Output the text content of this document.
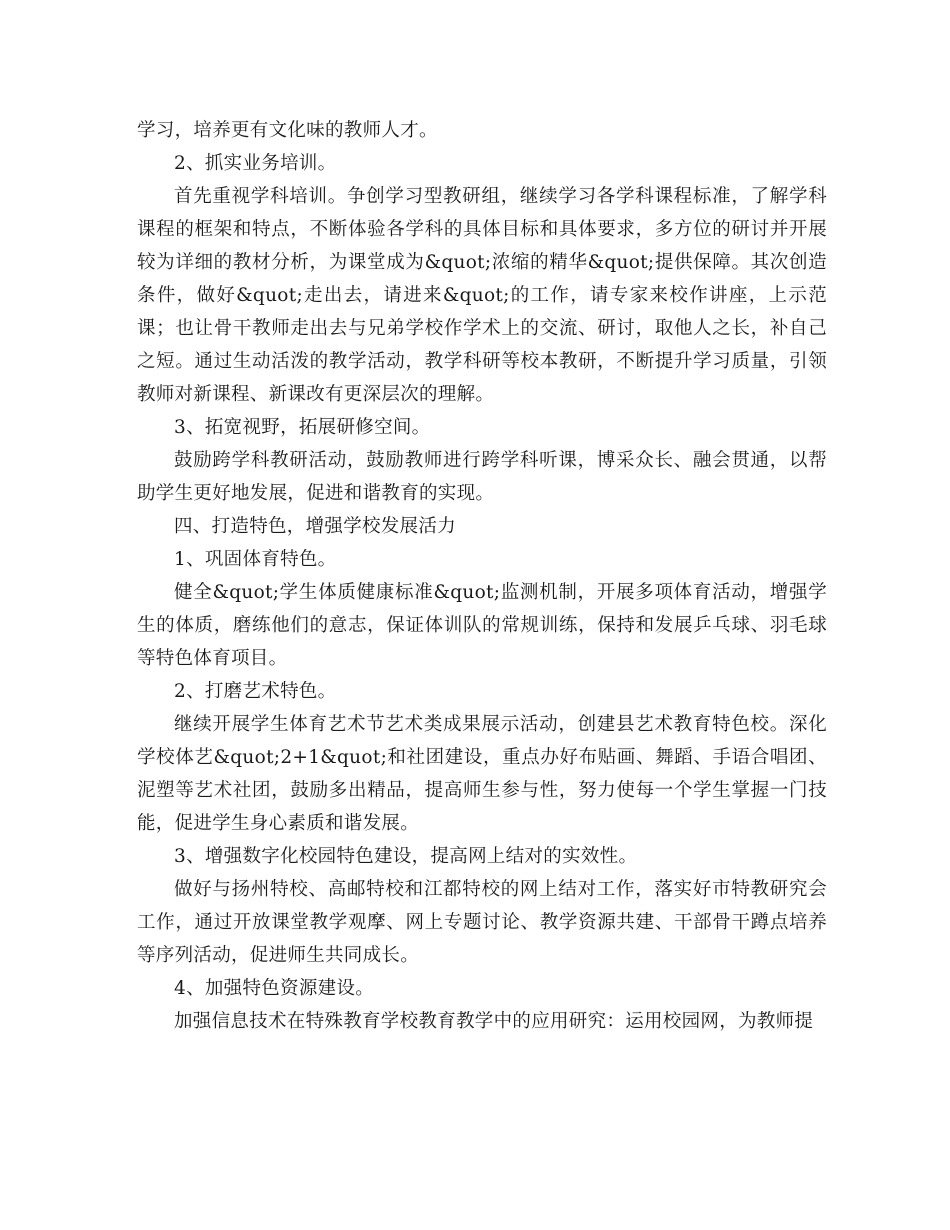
学习，培养更有文化味的教师人才。

2、抓实业务培训。

首先重视学科培训。争创学习型教研组，继续学习各学科课程标准，了解学科课程的框架和特点，不断体验各学科的具体目标和具体要求，多方位的研讨并开展较为详细的教材分析，为课堂成为&quot;浓缩的精华&quot;提供保障。其次创造条件，做好&quot;走出去，请进来&quot;的工作，请专家来校作讲座，上示范课；也让骨干教师走出去与兄弟学校作学术上的交流、研讨，取他人之长，补自己之短。通过生动活泼的教学活动，教学科研等校本教研，不断提升学习质量，引领教师对新课程、新课改有更深层次的理解。

3、拓宽视野，拓展研修空间。

鼓励跨学科教研活动，鼓励教师进行跨学科听课，博采众长、融会贯通，以帮助学生更好地发展，促进和谐教育的实现。

四、打造特色，增强学校发展活力

1、巩固体育特色。

健全&quot;学生体质健康标准&quot;监测机制，开展多项体育活动，增强学生的体质，磨练他们的意志，保证体训队的常规训练，保持和发展乒乓球、羽毛球等特色体育项目。

2、打磨艺术特色。

继续开展学生体育艺术节艺术类成果展示活动，创建县艺术教育特色校。深化学校体艺&quot;2+1&quot;和社团建设，重点办好布贴画、舞蹈、手语合唱团、泥塑等艺术社团，鼓励多出精品，提高师生参与性，努力使每一个学生掌握一门技能，促进学生身心素质和谐发展。

3、增强数字化校园特色建设，提高网上结对的实效性。

做好与扬州特校、高邮特校和江都特校的网上结对工作，落实好市特教研究会工作，通过开放课堂教学观摩、网上专题讨论、教学资源共建、干部骨干蹲点培养等序列活动，促进师生共同成长。

4、加强特色资源建设。

加强信息技术在特殊教育学校教育教学中的应用研究：运用校园网，为教师提
